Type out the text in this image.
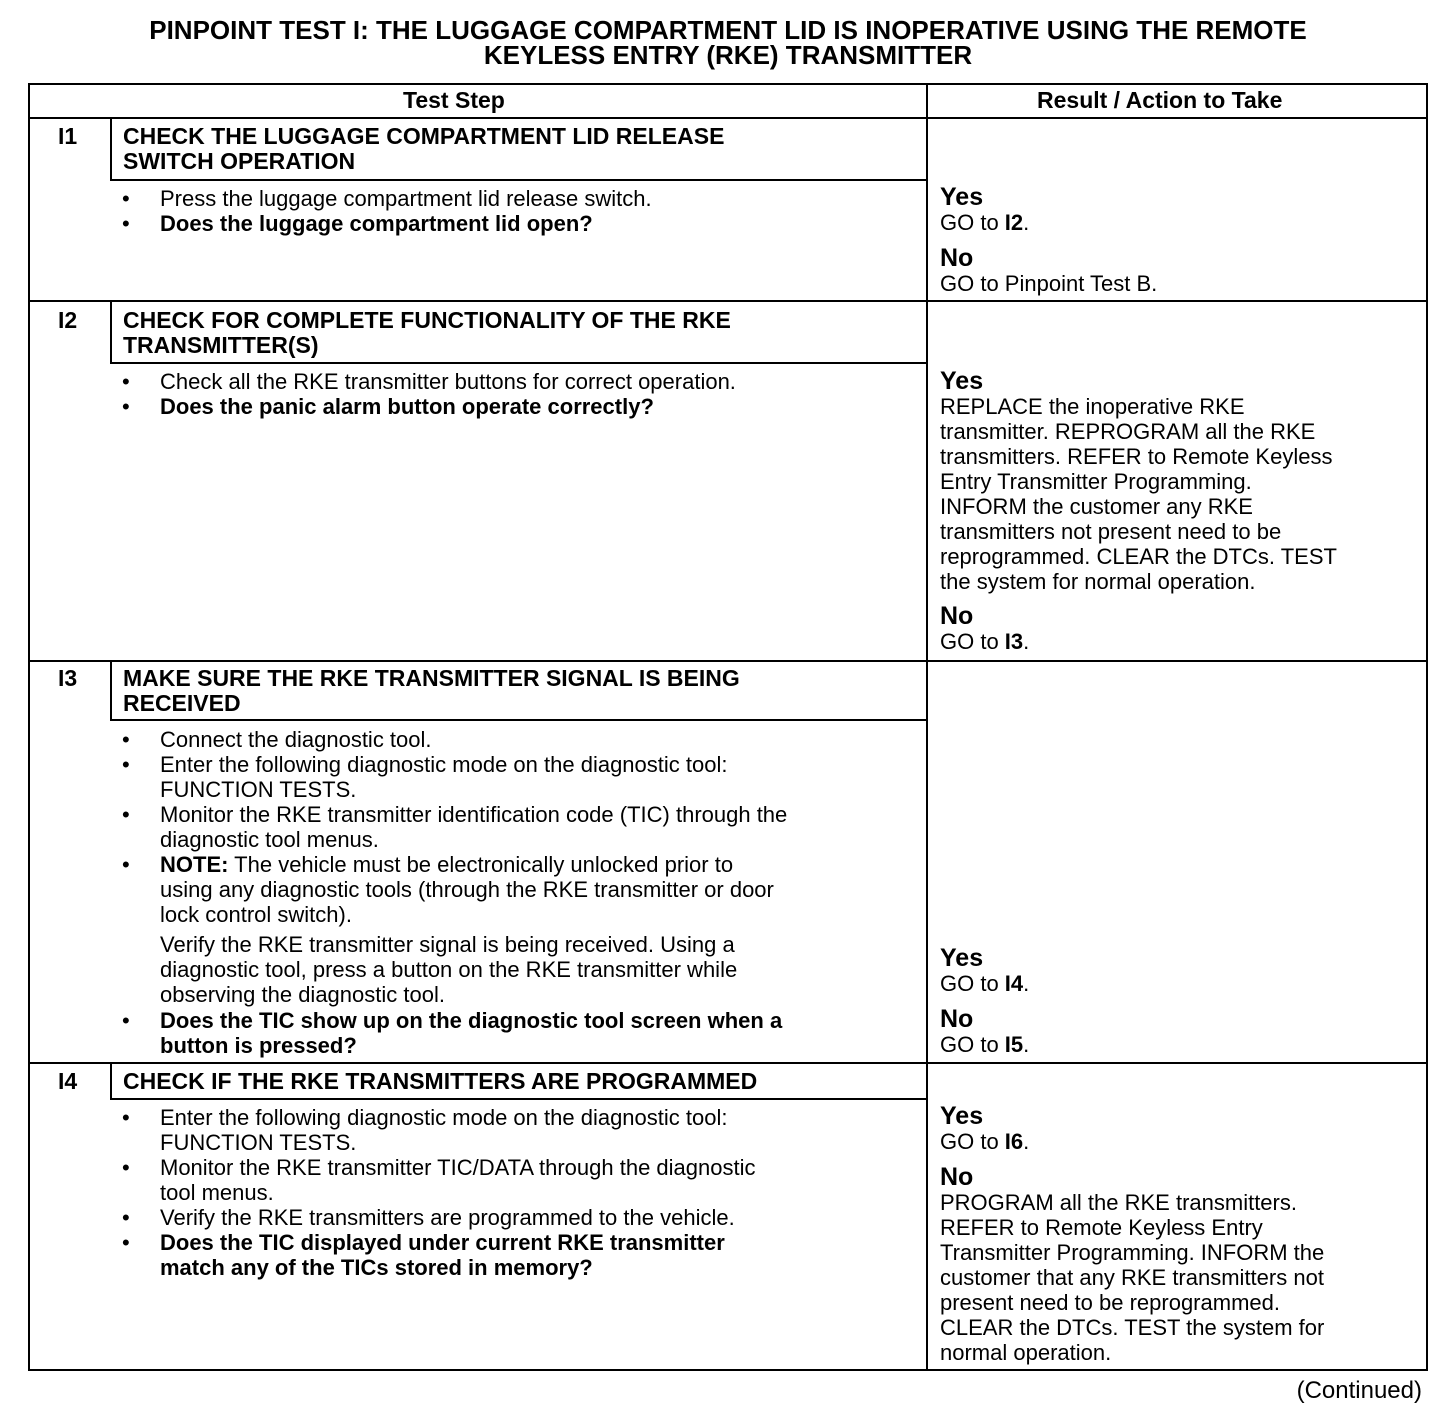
PINPOINT TEST I: THE LUGGAGE COMPARTMENT LID IS INOPERATIVE USING THE REMOTE
KEYLESS ENTRY (RKE) TRANSMITTER
Test Step	Result / Action to Take
I1 CHECK THE LUGGAGE COMPARTMENT LID RELEASE
SWITCH OPERATION
• Press the luggage compartment lid release switch.
• Does the luggage compartment lid open?
Yes
GO to I2.
No
GO to Pinpoint Test B.
I2 CHECK FOR COMPLETE FUNCTIONALITY OF THE RKE
TRANSMITTER(S)
• Check all the RKE transmitter buttons for correct operation.
• Does the panic alarm button operate correctly?
Yes
REPLACE the inoperative RKE
transmitter. REPROGRAM all the RKE
transmitters. REFER to Remote Keyless
Entry Transmitter Programming.
INFORM the customer any RKE
transmitters not present need to be
reprogrammed. CLEAR the DTCs. TEST
the system for normal operation.
No
GO to I3.
I3 MAKE SURE THE RKE TRANSMITTER SIGNAL IS BEING
RECEIVED
• Connect the diagnostic tool.
• Enter the following diagnostic mode on the diagnostic tool:
FUNCTION TESTS.
• Monitor the RKE transmitter identification code (TIC) through the
diagnostic tool menus.
• NOTE: The vehicle must be electronically unlocked prior to
using any diagnostic tools (through the RKE transmitter or door
lock control switch).
Verify the RKE transmitter signal is being received. Using a
diagnostic tool, press a button on the RKE transmitter while
observing the diagnostic tool.
• Does the TIC show up on the diagnostic tool screen when a
button is pressed?
Yes
GO to I4.
No
GO to I5.
I4 CHECK IF THE RKE TRANSMITTERS ARE PROGRAMMED
• Enter the following diagnostic mode on the diagnostic tool:
FUNCTION TESTS.
• Monitor the RKE transmitter TIC/DATA through the diagnostic
tool menus.
• Verify the RKE transmitters are programmed to the vehicle.
• Does the TIC displayed under current RKE transmitter
match any of the TICs stored in memory?
Yes
GO to I6.
No
PROGRAM all the RKE transmitters.
REFER to Remote Keyless Entry
Transmitter Programming. INFORM the
customer that any RKE transmitters not
present need to be reprogrammed.
CLEAR the DTCs. TEST the system for
normal operation.
(Continued)
